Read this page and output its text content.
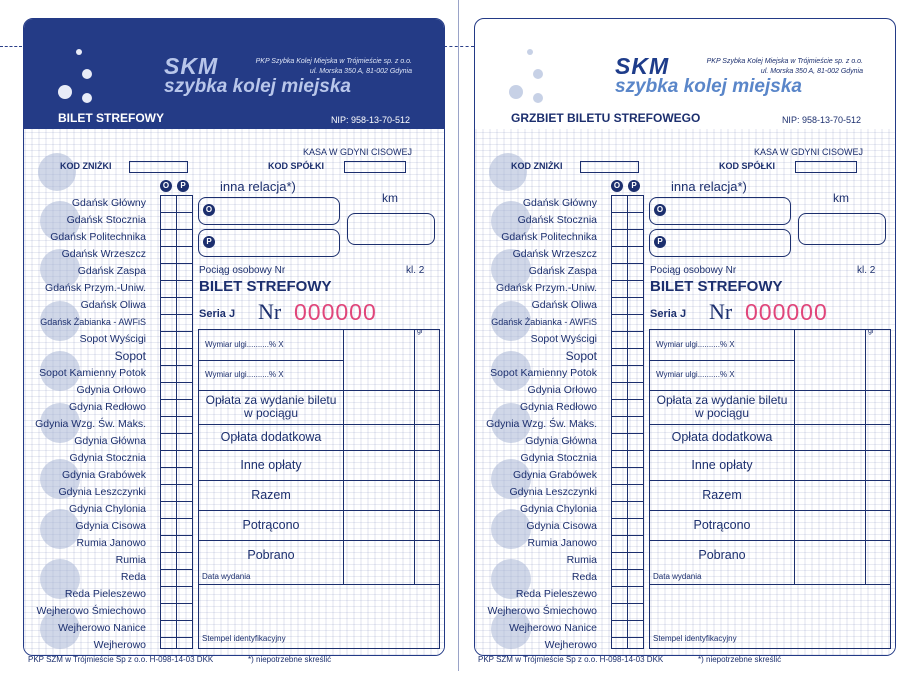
SKM
szybka kolej miejska
PKP Szybka Kolej Miejska w Trójmieście sp. z o.o.
ul. Morska 350 A, 81-002 Gdynia
BILET STREFOWY	NIP: 958-13-70-512
KOD ZNIŻKI
KASA W GDYNI CISOWEJ
KOD SPÓŁKI
O	P
Gdańsk Główny
Gdańsk Stocznia
Gdańsk Politechnika
Gdańsk Wrzeszcz
Gdańsk Zaspa
Gdańsk Przym.-Uniw.
Gdańsk Oliwa
Gdańsk Żabianka - AWFiS
Sopot Wyścigi
Sopot
Sopot Kamienny Potok
Gdynia Orłowo
Gdynia Redłowo
Gdynia Wzg. Św. Maks.
Gdynia Główna
Gdynia Stocznia
Gdynia Grabówek
Gdynia Leszczynki
Gdynia Chylonia
Gdynia Cisowa
Rumia Janowo
Rumia
Reda
Reda Pieleszewo
Wejherowo Śmiechowo
Wejherowo Nanice
Wejherowo
inna relacja*)
O
P
km
Pociąg osobowy Nr	kl. 2
BILET STREFOWY
Seria J Nr 000000
gr
Wymiar ulgi..........% X
Wymiar ulgi..........% X
Opłata za wydanie biletu w pociągu
Opłata dodatkowa
Inne opłaty
Razem
Potrącono
Pobrano
Data wydania
Stempel identyfikacyjny
SKM
szybka kolej miejska
PKP Szybka Kolej Miejska w Trójmieście sp. z o.o.
ul. Morska 350 A, 81-002 Gdynia
GRZBIET BILETU STREFOWEGO	NIP: 958-13-70-512
KOD ZNIŻKI
KASA W GDYNI CISOWEJ
KOD SPÓŁKI
O	P
Gdańsk Główny
Gdańsk Stocznia
Gdańsk Politechnika
Gdańsk Wrzeszcz
Gdańsk Zaspa
Gdańsk Przym.-Uniw.
Gdańsk Oliwa
Gdańsk Żabianka - AWFiS
Sopot Wyścigi
Sopot
Sopot Kamienny Potok
Gdynia Orłowo
Gdynia Redłowo
Gdynia Wzg. Św. Maks.
Gdynia Główna
Gdynia Stocznia
Gdynia Grabówek
Gdynia Leszczynki
Gdynia Chylonia
Gdynia Cisowa
Rumia Janowo
Rumia
Reda
Reda Pieleszewo
Wejherowo Śmiechowo
Wejherowo Nanice
Wejherowo
inna relacja*)
O
P
km
Pociąg osobowy Nr	kl. 2
BILET STREFOWY
Seria J Nr 000000
gr
Wymiar ulgi..........% X
Wymiar ulgi..........% X
Opłata za wydanie biletu w pociągu
Opłata dodatkowa
Inne opłaty
Razem
Potrącono
Pobrano
Data wydania
Stempel identyfikacyjny
PKP SZM w Trójmieście Sp z o.o. H-098-14-03 DKK	*) niepotrzebne skreślić	PKP SZM w Trójmieście Sp z o.o. H-098-14-03 DKK	*) niepotrzebne skreślić
